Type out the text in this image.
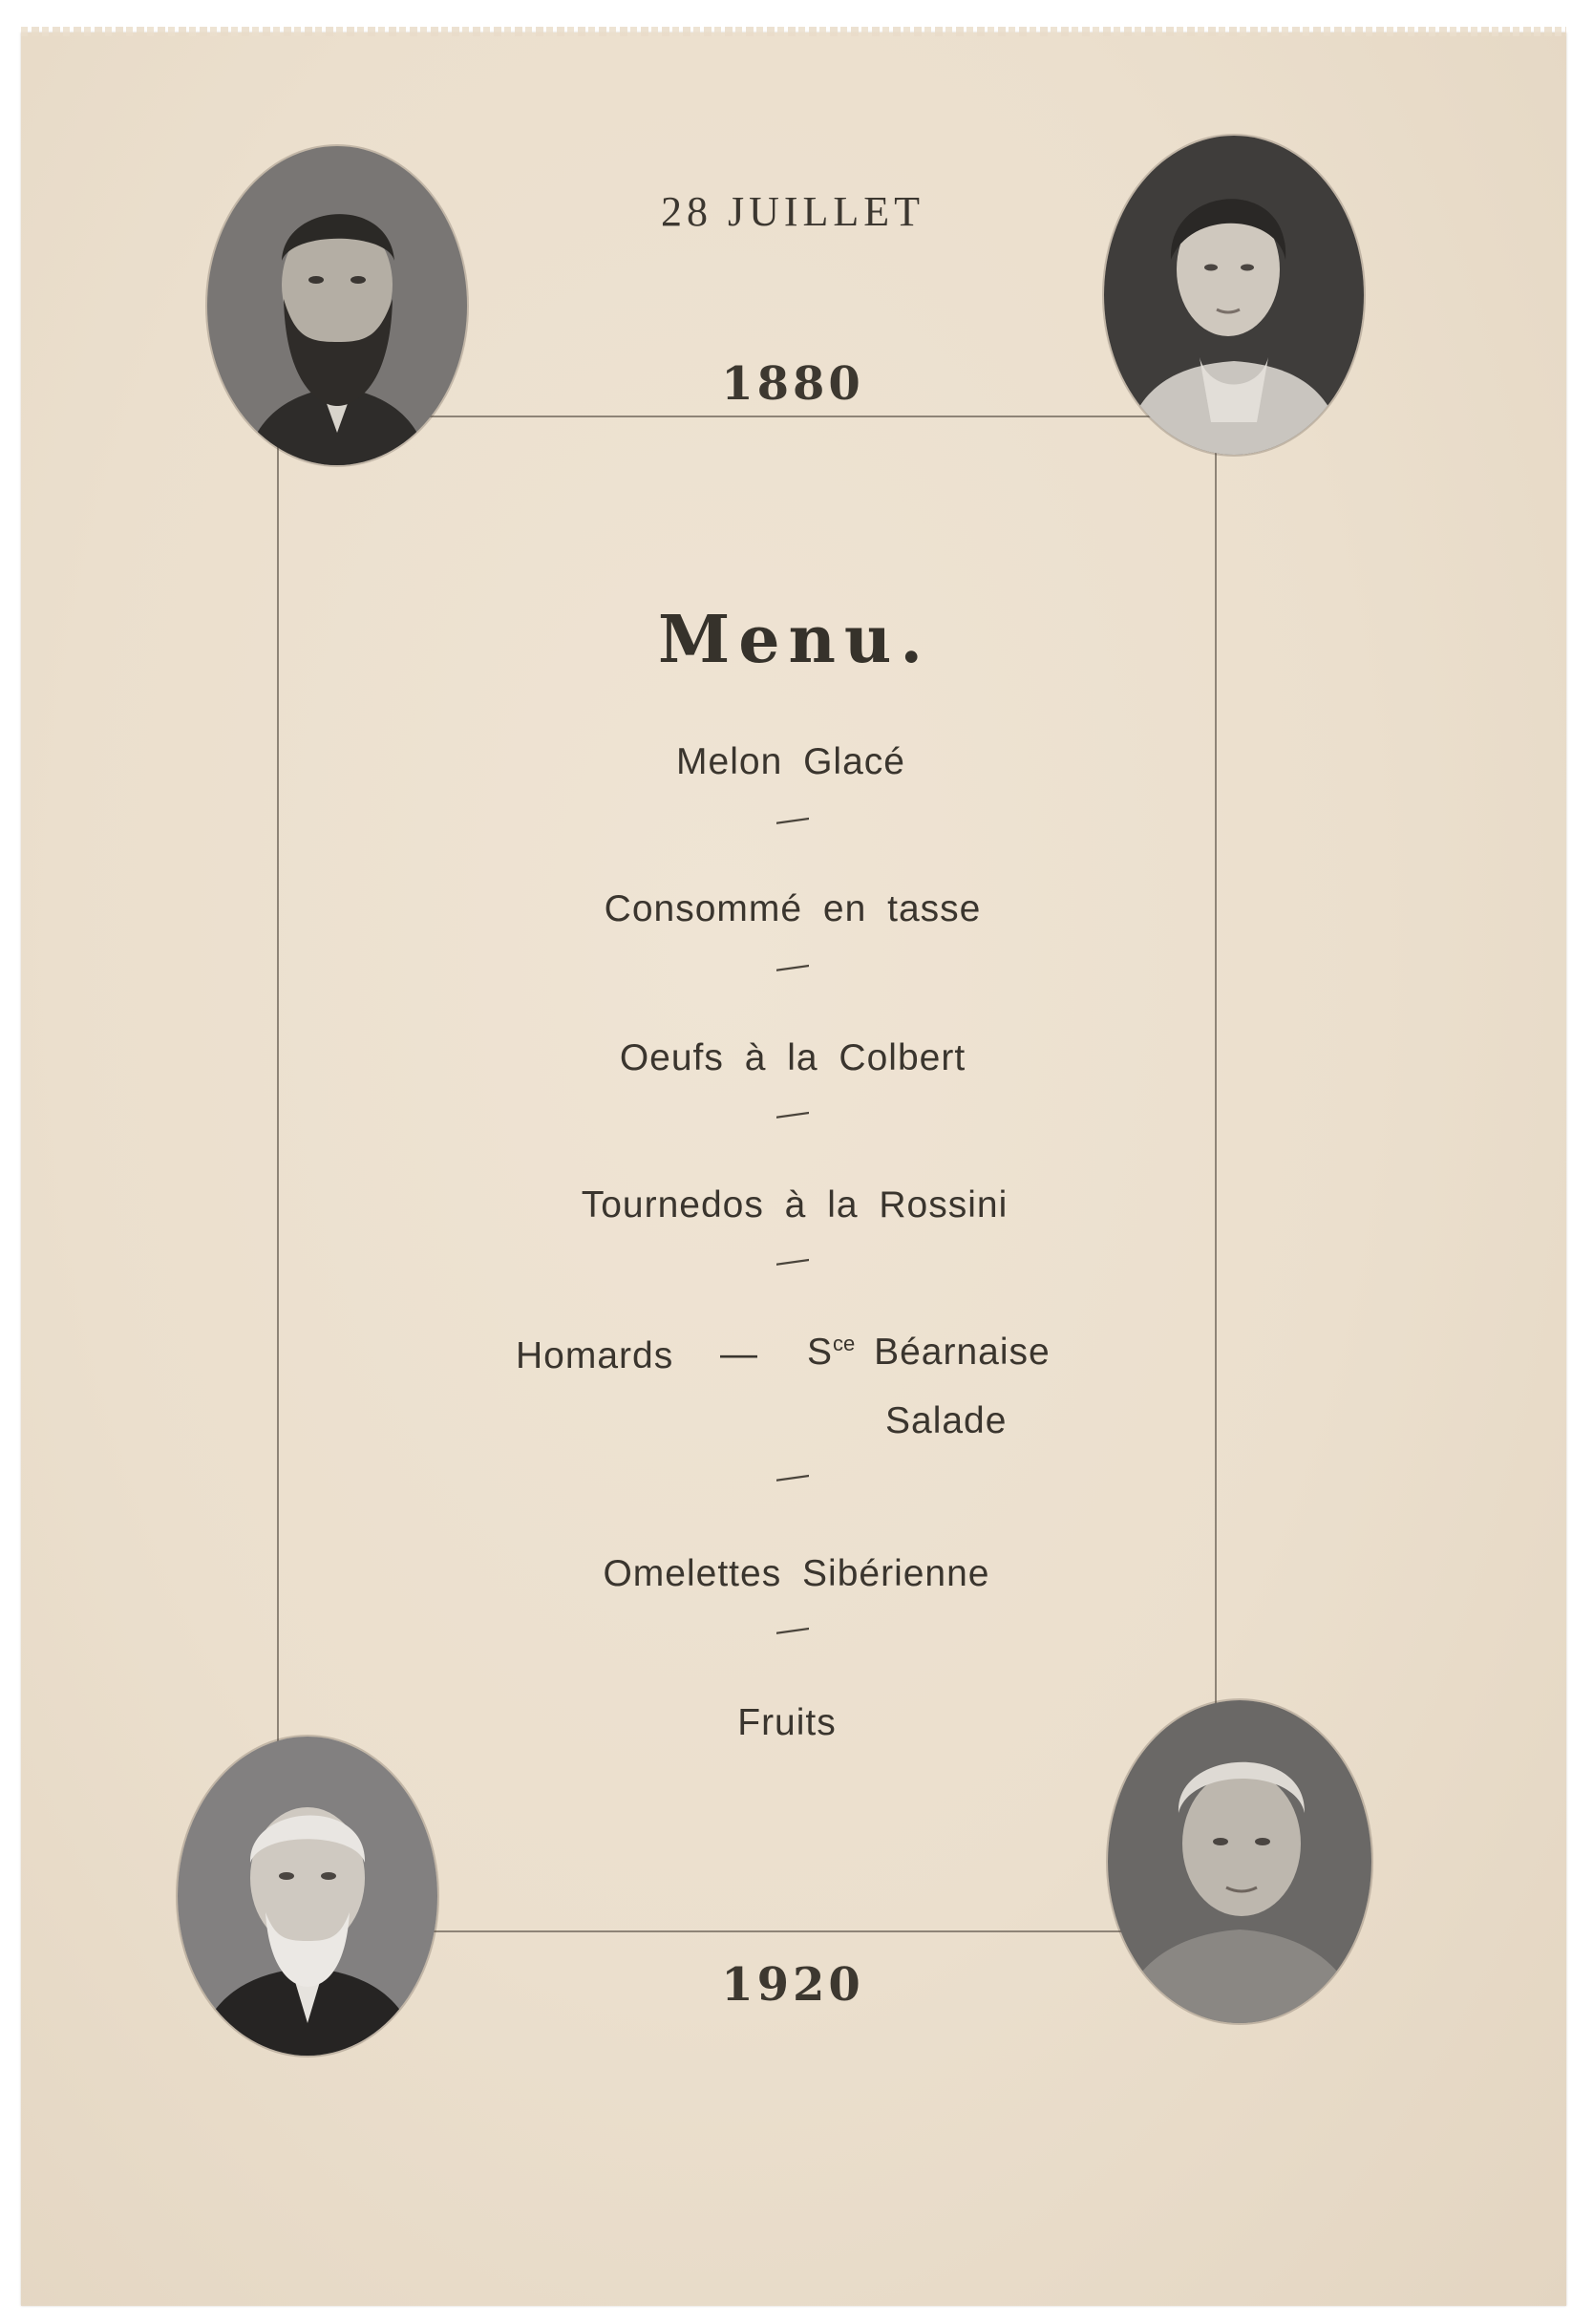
28 JUILLET
1880
Menu.
Melon Glacé
—
Consommé en tasse
—
Oeufs à la Colbert
—
Tournedos à la Rossini
—
Homards — $S^{ce}$ Béarnaise
Salade
—
Omelettes Sibérienne
—
Fruits
1920
